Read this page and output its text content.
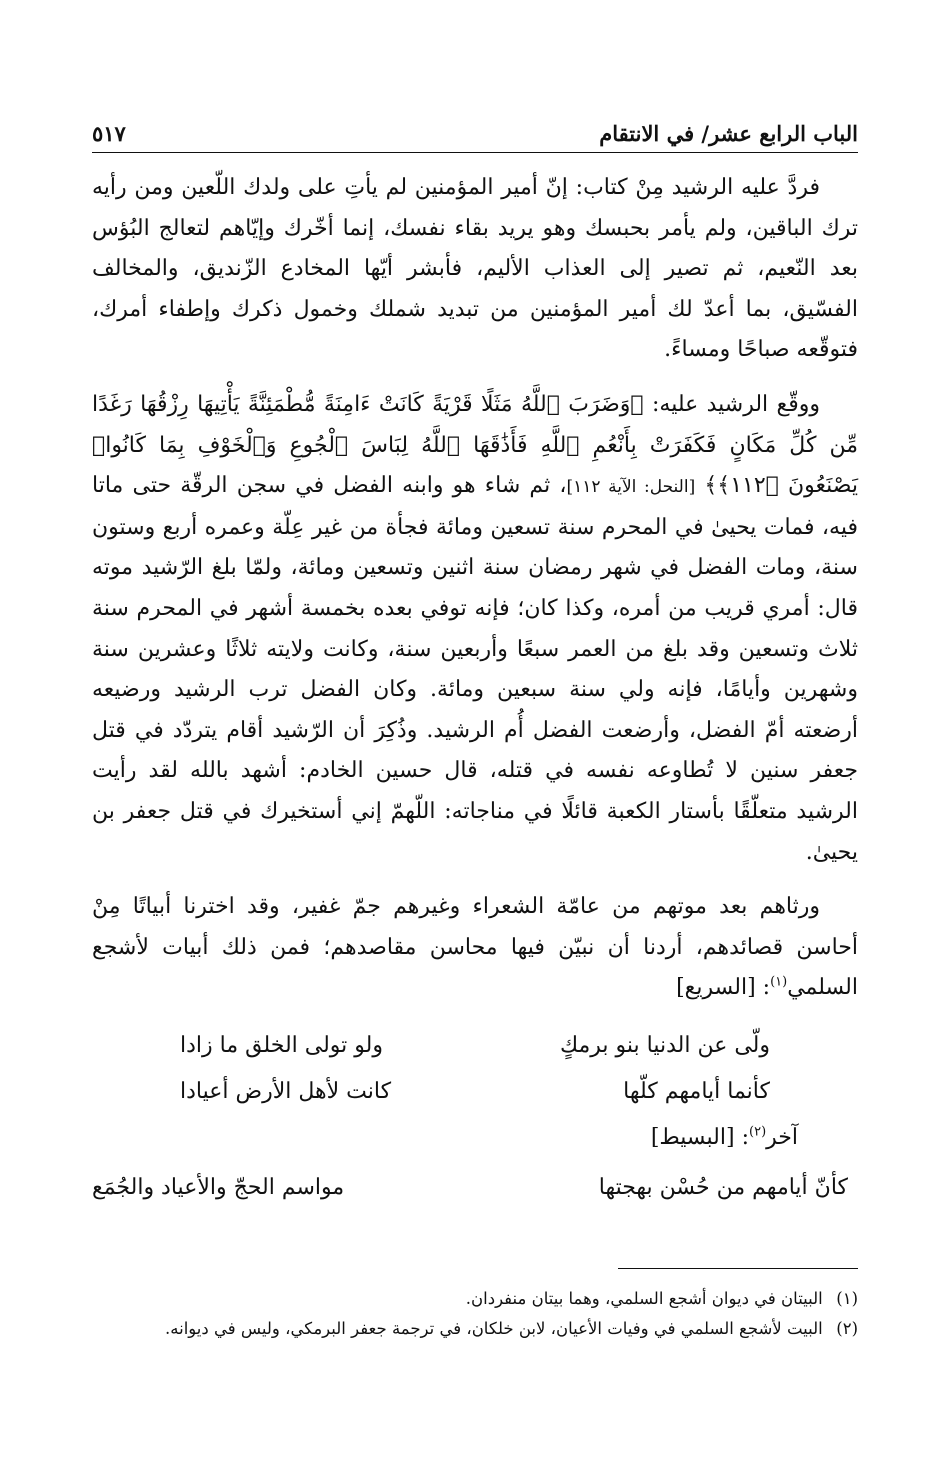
الباب الرابع عشر/ في الانتقام
٥١٧

فردَّ عليه الرشيد مِنْ كتاب: إنّ أمير المؤمنين لم يأتِ على ولدك اللّعين ومن رأيه ترك الباقين، ولم يأمر بحبسك وهو يريد بقاء نفسك، إنما أخّرك وإيّاهم لتعالج البُؤس بعد النّعيم، ثم تصير إلى العذاب الأليم، فأبشر أيّها المخادع الزّنديق، والمخالف الفسّيق، بما أعدّ لك أمير المؤمنين من تبديد شملك وخمول ذكرك وإطفاء أمرك، فتوقّعه صباحًا ومساءً.

ووقّع الرشيد عليه: ﴿وَضَرَبَ ٱللَّهُ مَثَلًا قَرْيَةً كَانَتْ ءَامِنَةً مُّطْمَئِنَّةً يَأْتِيهَا رِزْقُهَا رَغَدًا مِّن كُلِّ مَكَانٍ فَكَفَرَتْ بِأَنْعُمِ ٱللَّهِ فَأَذَٰقَهَا ٱللَّهُ لِبَاسَ ٱلْجُوعِ وَٱلْخَوْفِ بِمَا كَانُوا۟ يَصْنَعُونَ ﴿١١٢﴾﴾ [النحل: الآية ١١٢]، ثم شاء هو وابنه الفضل في سجن الرقّة حتى ماتا فيه، فمات يحيىٰ في المحرم سنة تسعين ومائة فجأة من غير عِلّة وعمره أربع وستون سنة، ومات الفضل في شهر رمضان سنة اثنين وتسعين ومائة، ولمّا بلغ الرّشيد موته قال: أمري قريب من أمره، وكذا كان؛ فإنه توفي بعده بخمسة أشهر في المحرم سنة ثلاث وتسعين وقد بلغ من العمر سبعًا وأربعين سنة، وكانت ولايته ثلاثًا وعشرين سنة وشهرين وأيامًا، فإنه ولي سنة سبعين ومائة. وكان الفضل ترب الرشيد ورضيعه أرضعته أمّ الفضل، وأرضعت الفضل أُم الرشيد. وذُكِرَ أن الرّشيد أقام يتردّد في قتل جعفر سنين لا تُطاوعه نفسه في قتله، قال حسين الخادم: أشهد بالله لقد رأيت الرشيد متعلّقًا بأستار الكعبة قائلًا في مناجاته: اللّهمّ إني أستخيرك في قتل جعفر بن يحيىٰ.

ورثاهم بعد موتهم من عامّة الشعراء وغيرهم جمّ غفير، وقد اخترنا أبياتًا مِنْ أحاسن قصائدهم، أردنا أن نبيّن فيها محاسن مقاصدهم؛ فمن ذلك أبيات لأشجع السلمي$^{(١)}$: [السريع]

ولّى عن الدنيا بنو برمكٍ
ولو تولى الخلق ما زادا
كأنما أيامهم كلّها
كانت لأهل الأرض أعيادا
آخر$^{(٢)}$: [البسيط]
كأنّ أيامهم من حُسْن بهجتها
مواسم الحجّ والأعياد والجُمَع

(١) البيتان في ديوان أشجع السلمي، وهما بيتان منفردان.

(٢) البيت لأشجع السلمي في وفيات الأعيان، لابن خلكان، في ترجمة جعفر البرمكي، وليس في ديوانه.
